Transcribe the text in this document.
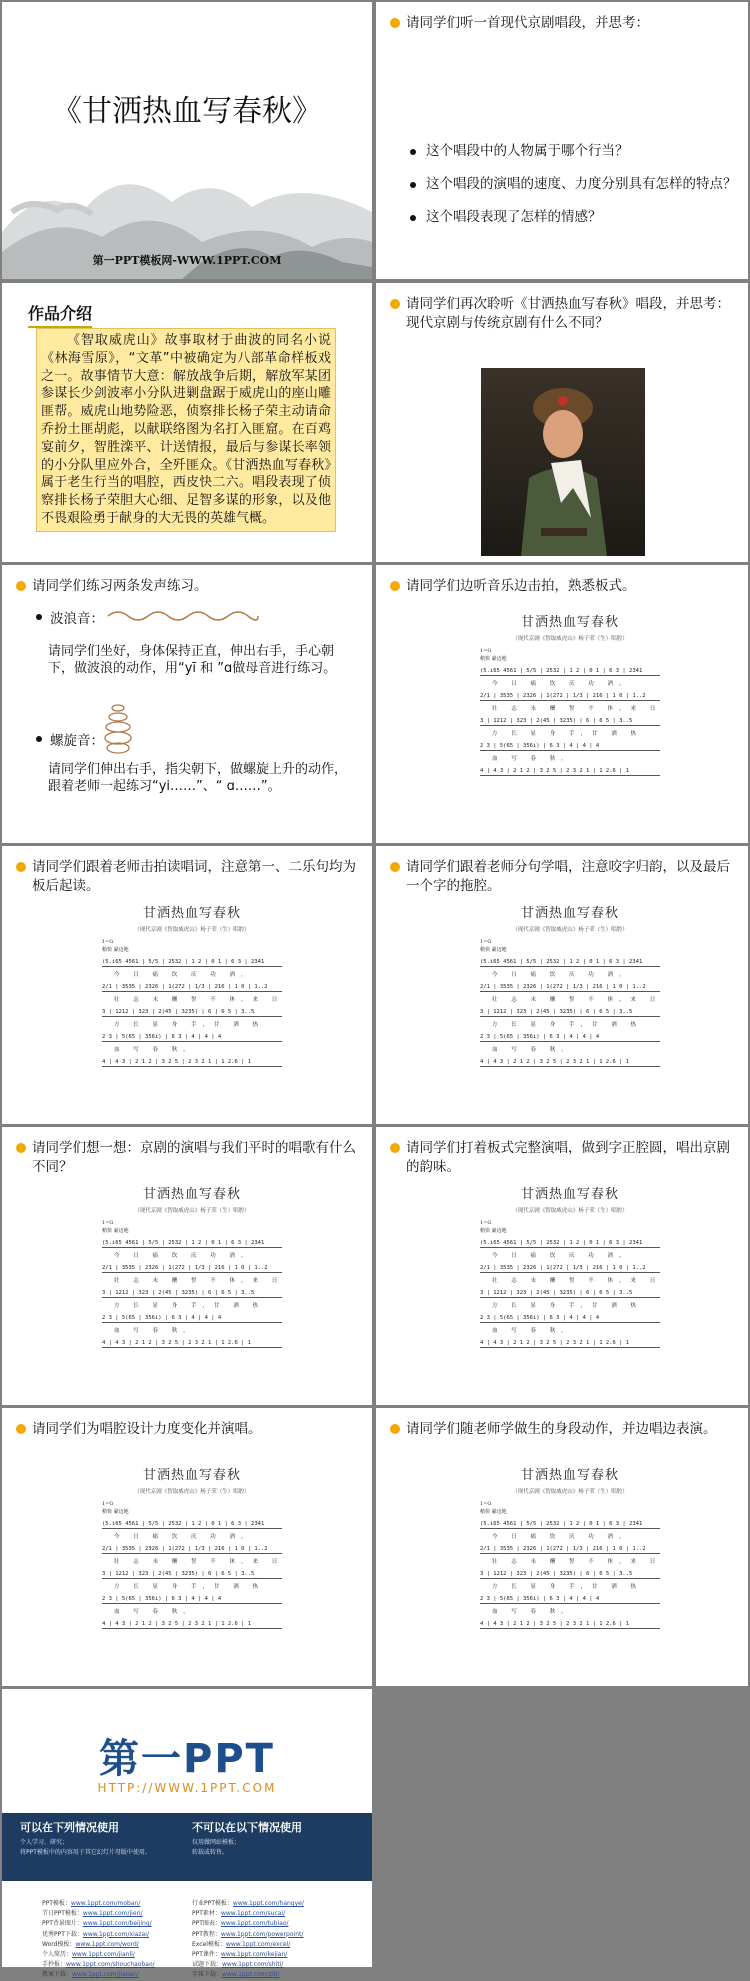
《甘洒热血写春秋》
第一PPT模板网-WWW.1PPT.COM
请同学们听一首现代京剧唱段，并思考：
这个唱段中的人物属于哪个行当？
这个唱段的演唱的速度、力度分别具有怎样的特点？
这个唱段表现了怎样的情感？
作品介绍
《智取威虎山》故事取材于曲波的同名小说《林海雪原》，“文革”中被确定为八部革命样板戏之一。故事情节大意：解放战争后期，解放军某团参谋长少剑波率小分队进剿盘踞于威虎山的座山雕匪帮。威虎山地势险恶，侦察排长杨子荣主动请命乔扮土匪胡彪，以献联络图为名打入匪窟。在百鸡宴前夕，智胜滦平、计送情报，最后与参谋长率领的小分队里应外合，全歼匪众。《甘洒热血写春秋》属于老生行当的唱腔，西皮快二六。唱段表现了侦察排长杨子荣胆大心细、足智多谋的形象，以及他不畏艰险勇于献身的大无畏的英雄气概。
请同学们再次聆听《甘洒热血写春秋》唱段，并思考：现代京剧与传统京剧有什么不同？
请同学们练习两条发声练习。
波浪音：
请同学们坐好，身体保持正直，伸出右手，手心朝下，做波浪的动作，用“yī 和 ”ɑ做母音进行练习。
螺旋音：
请同学们伸出右手，指尖朝下，做螺旋上升的动作，跟着老师一起练习“yi……”、“ ɑ……”。
请同学们边听音乐边击拍，熟悉板式。
甘洒热血写春秋
（现代京剧《智取威虎山》杨子荣（生）唱腔）
1=G
稍快 豪迈地
(5.i65 4561 | 5/5 | 2532 | 1 2 | 0 1 | 6 3 | 2341
今 日 痛 饮 庆 功 酒，
2/1 | 3535 | 2326 | 1(272 | 1/3 | 216 | 1 0 | 1..2
壮 志 未 酬 誓 不 休，来 日
3 | 1212 | 323 | 2(45 | 3235) | 6 | 6 5 | 3..5
方 长 显 身 手，甘 洒 热
2 3 | 5(65 | 356i) | 6 3 | 4 | 4 | 4
血 写 春 秋。
4 | 4 3 | 2 1 2 | 3 2 5 | 2 3 2 1 | 1 2.6 | 1
请同学们跟着老师击拍读唱词，注意第一、二乐句均为板后起读。
甘洒热血写春秋
（现代京剧《智取威虎山》杨子荣（生）唱腔）
1=G
稍快 豪迈地
(5.i65 4561 | 5/5 | 2532 | 1 2 | 0 1 | 6 3 | 2341
今 日 痛 饮 庆 功 酒，
2/1 | 3535 | 2326 | 1(272 | 1/3 | 216 | 1 0 | 1..2
壮 志 未 酬 誓 不 休，来 日
3 | 1212 | 323 | 2(45 | 3235) | 6 | 6 5 | 3..5
方 长 显 身 手，甘 洒 热
2 3 | 5(65 | 356i) | 6 3 | 4 | 4 | 4
血 写 春 秋。
4 | 4 3 | 2 1 2 | 3 2 5 | 2 3 2 1 | 1 2.6 | 1
请同学们跟着老师分句学唱，注意咬字归韵，以及最后一个字的拖腔。
甘洒热血写春秋
（现代京剧《智取威虎山》杨子荣（生）唱腔）
1=G
稍快 豪迈地
(5.i65 4561 | 5/5 | 2532 | 1 2 | 0 1 | 6 3 | 2341
今 日 痛 饮 庆 功 酒，
2/1 | 3535 | 2326 | 1(272 | 1/3 | 216 | 1 0 | 1..2
壮 志 未 酬 誓 不 休，来 日
3 | 1212 | 323 | 2(45 | 3235) | 6 | 6 5 | 3..5
方 长 显 身 手，甘 洒 热
2 3 | 5(65 | 356i) | 6 3 | 4 | 4 | 4
血 写 春 秋。
4 | 4 3 | 2 1 2 | 3 2 5 | 2 3 2 1 | 1 2.6 | 1
请同学们想一想：京剧的演唱与我们平时的唱歌有什么不同？
甘洒热血写春秋
（现代京剧《智取威虎山》杨子荣（生）唱腔）
1=G
稍快 豪迈地
(5.i65 4561 | 5/5 | 2532 | 1 2 | 0 1 | 6 3 | 2341
今 日 痛 饮 庆 功 酒，
2/1 | 3535 | 2326 | 1(272 | 1/3 | 216 | 1 0 | 1..2
壮 志 未 酬 誓 不 休，来 日
3 | 1212 | 323 | 2(45 | 3235) | 6 | 6 5 | 3..5
方 长 显 身 手，甘 洒 热
2 3 | 5(65 | 356i) | 6 3 | 4 | 4 | 4
血 写 春 秋。
4 | 4 3 | 2 1 2 | 3 2 5 | 2 3 2 1 | 1 2.6 | 1
请同学们打着板式完整演唱，做到字正腔圆，唱出京剧的韵味。
甘洒热血写春秋
（现代京剧《智取威虎山》杨子荣（生）唱腔）
1=G
稍快 豪迈地
(5.i65 4561 | 5/5 | 2532 | 1 2 | 0 1 | 6 3 | 2341
今 日 痛 饮 庆 功 酒，
2/1 | 3535 | 2326 | 1(272 | 1/3 | 216 | 1 0 | 1..2
壮 志 未 酬 誓 不 休，来 日
3 | 1212 | 323 | 2(45 | 3235) | 6 | 6 5 | 3..5
方 长 显 身 手，甘 洒 热
2 3 | 5(65 | 356i) | 6 3 | 4 | 4 | 4
血 写 春 秋。
4 | 4 3 | 2 1 2 | 3 2 5 | 2 3 2 1 | 1 2.6 | 1
请同学们为唱腔设计力度变化并演唱。
甘洒热血写春秋
（现代京剧《智取威虎山》杨子荣（生）唱腔）
1=G
稍快 豪迈地
(5.i65 4561 | 5/5 | 2532 | 1 2 | 0 1 | 6 3 | 2341
今 日 痛 饮 庆 功 酒，
2/1 | 3535 | 2326 | 1(272 | 1/3 | 216 | 1 0 | 1..2
壮 志 未 酬 誓 不 休，来 日
3 | 1212 | 323 | 2(45 | 3235) | 6 | 6 5 | 3..5
方 长 显 身 手，甘 洒 热
2 3 | 5(65 | 356i) | 6 3 | 4 | 4 | 4
血 写 春 秋。
4 | 4 3 | 2 1 2 | 3 2 5 | 2 3 2 1 | 1 2.6 | 1
请同学们随老师学做生的身段动作，并边唱边表演。
甘洒热血写春秋
（现代京剧《智取威虎山》杨子荣（生）唱腔）
1=G
稍快 豪迈地
(5.i65 4561 | 5/5 | 2532 | 1 2 | 0 1 | 6 3 | 2341
今 日 痛 饮 庆 功 酒，
2/1 | 3535 | 2326 | 1(272 | 1/3 | 216 | 1 0 | 1..2
壮 志 未 酬 誓 不 休，来 日
3 | 1212 | 323 | 2(45 | 3235) | 6 | 6 5 | 3..5
方 长 显 身 手，甘 洒 热
2 3 | 5(65 | 356i) | 6 3 | 4 | 4 | 4
血 写 春 秋。
4 | 4 3 | 2 1 2 | 3 2 5 | 2 3 2 1 | 1 2.6 | 1
第一PPT
HTTP://WWW.1PPT.COM
可以在下列情况使用
个人学习、研究；
将PPT模板中的内容用于其它幻灯片母版中使用。
不可以在以下情况使用
仅用做网站模板；
转载或转售。
PPT模板：www.1ppt.com/moban/
节日PPT模板：www.1ppt.com/jieri/
PPT背景图片：www.1ppt.com/beijing/
优秀PPT下载：www.1ppt.com/xiazai/
Word模板：www.1ppt.com/word/
个人简历：www.1ppt.com/jianli/
手抄报：www.1ppt.com/shouchaobao/
教案下载：www.1ppt.com/jiaoan/
行业PPT模板：www.1ppt.com/hangye/
PPT素材：www.1ppt.com/sucai/
PPT图表：www.1ppt.com/tubiao/
PPT教程：www.1ppt.com/powerpoint/
Excel模板：www.1ppt.com/excel/
PPT课件：www.1ppt.com/kejian/
试题下载：www.1ppt.com/shiti/
字体下载：www.1ppt.com/ziti/
